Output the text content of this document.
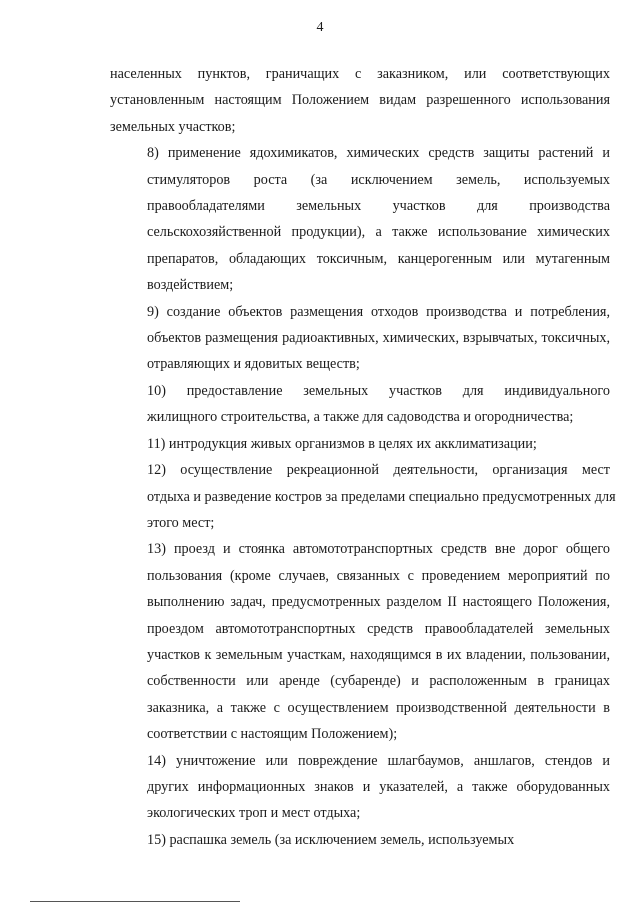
4

населенных пунктов, граничащих с заказником, или соответствующих
установленным настоящим Положением видам разрешенного использования
земельных участков;

8) применение ядохимикатов, химических средств защиты растений и
стимуляторов роста (за исключением земель, используемых
правообладателями земельных участков для производства
сельскохозяйственной продукции), а также использование химических
препаратов, обладающих токсичным, канцерогенным или мутагенным
воздействием;

9) создание объектов размещения отходов производства и потребления,
объектов размещения радиоактивных, химических, взрывчатых, токсичных,
отравляющих и ядовитых веществ;

10) предоставление земельных участков для индивидуального
жилищного строительства, а также для садоводства и огородничества;

11) интродукция живых организмов в целях их акклиматизации;

12) осуществление рекреационной деятельности, организация мест
отдыха и разведение костров за пределами специально предусмотренных для
этого мест;

13) проезд и стоянка автомототранспортных средств вне дорог общего
пользования (кроме случаев, связанных с проведением мероприятий по
выполнению задач, предусмотренных разделом II настоящего Положения,
проездом автомототранспортных средств правообладателей земельных
участков к земельным участкам, находящимся в их владении, пользовании,
собственности или аренде (субаренде) и расположенным в границах
заказника, а также с осуществлением производственной деятельности в
соответствии с настоящим Положением);

14) уничтожение или повреждение шлагбаумов, аншлагов, стендов и
других информационных знаков и указателей, а также оборудованных
экологических троп и мест отдыха;

15) распашка земель (за исключением земель, используемых
